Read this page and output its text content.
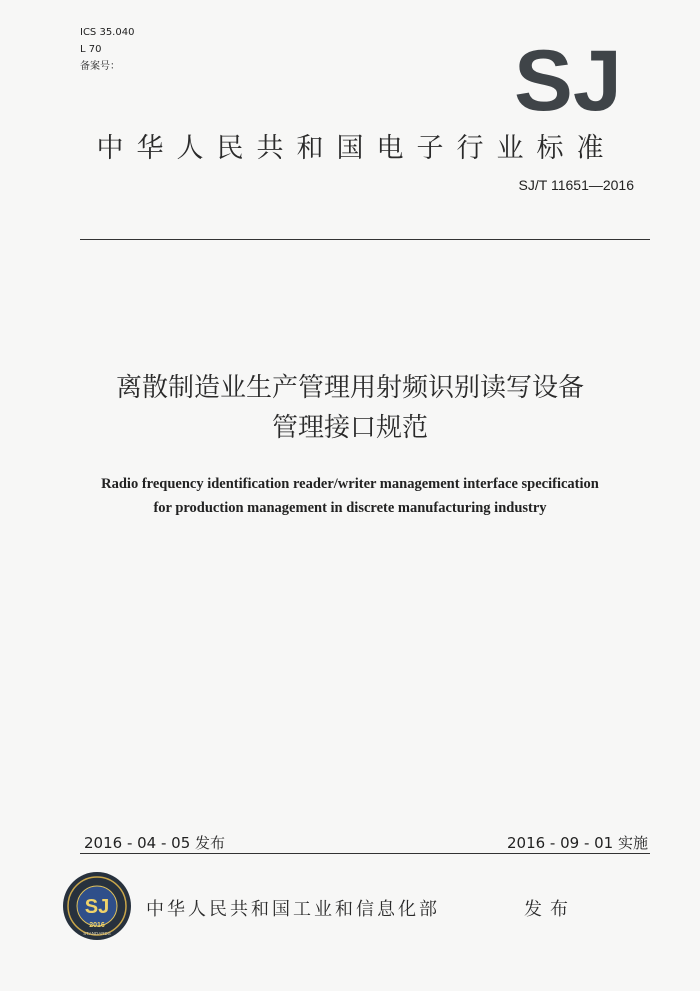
ICS 35.040
L 70
备案号：	SJ
中华人民共和国电子行业标准
SJ/T 11651—2016
离散制造业生产管理用射频识别读写设备
管理接口规范
Radio frequency identification reader/writer management interface specification
for production management in discrete manufacturing industry
2016 - 04 - 05 发布	2016 - 09 - 01 实施
SJ
2016
STANDARDS
中华人民共和国工业和信息化部	发布
